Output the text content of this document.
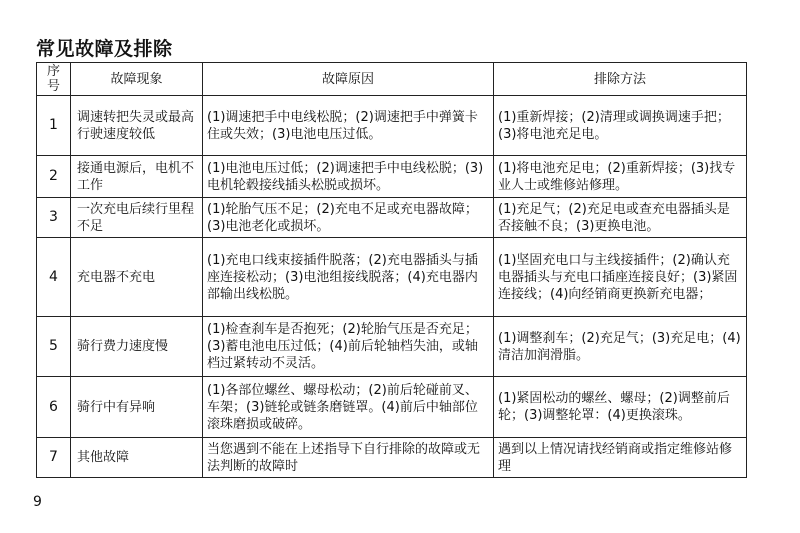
常见故障及排除
序
号	故障现象	故障原因	排除方法
1	调速转把失灵或最高行驶速度较低	(1)调速把手中电线松脱；(2)调速把手中弹簧卡住或失效；(3)电池电压过低。	(1)重新焊接；(2)清理或调换调速手把；(3)将电池充足电。
2	接通电源后，电机不工作	(1)电池电压过低；(2)调速把手中电线松脱；(3)电机轮毂接线插头松脱或损坏。	(1)将电池充足电；(2)重新焊接；(3)找专业人士或维修站修理。
3	一次充电后续行里程不足	(1)轮胎气压不足；(2)充电不足或充电器故障；(3)电池老化或损坏。	(1)充足气；(2)充足电或查充电器插头是否接触不良；(3)更换电池。
4	充电器不充电	(1)充电口线束接插件脱落；(2)充电器插头与插座连接松动；(3)电池组接线脱落；(4)充电器内部输出线松脱。	(1)坚固充电口与主线接插件；(2)确认充电器插头与充电口插座连接良好；(3)紧固连接线；(4)向经销商更换新充电器；
5	骑行费力速度慢	(1)检查刹车是否抱死；(2)轮胎气压是否充足；(3)蓄电池电压过低；(4)前后轮轴档失油，或轴档过紧转动不灵活。	(1)调整刹车；(2)充足气；(3)充足电；(4)清洁加润滑脂。
6	骑行中有异响	(1)各部位螺丝、螺母松动；(2)前后轮碰前叉、车架；(3)链轮或链条磨链罩。(4)前后中轴部位滚珠磨损或破碎。	(1)紧固松动的螺丝、螺母；(2)调整前后轮；(3)调整轮罩：(4)更换滚珠。
7	其他故障	当您遇到不能在上述指导下自行排除的故障或无法判断的故障时	遇到以上情况请找经销商或指定维修站修理
9
